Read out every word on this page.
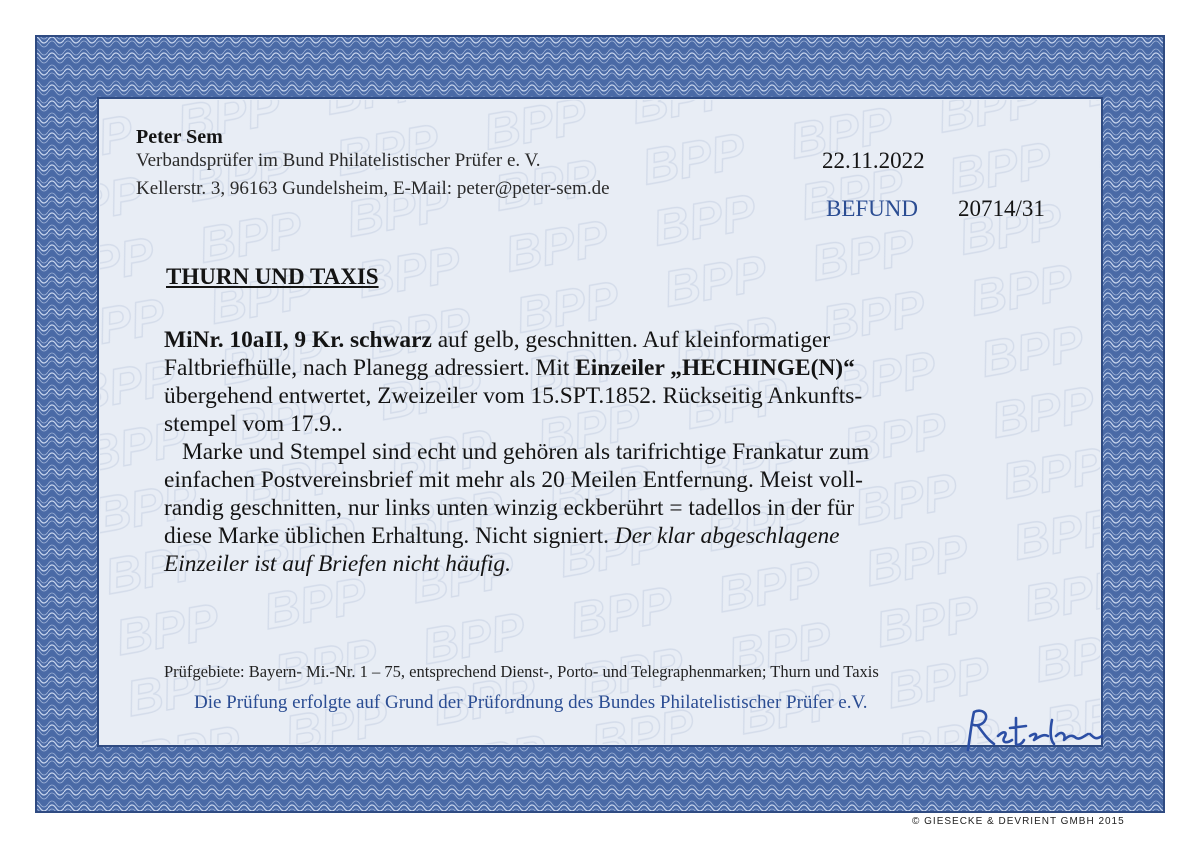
Peter Sem
Verbandsprüfer im Bund Philatelistischer Prüfer e. V.
Kellerstr. 3, 96163 Gundelsheim, E-Mail: peter@peter-sem.de
22.11.2022
BEFUND 20714/31
THURN UND TAXIS

MiNr. 10aII, 9 Kr. schwarz auf gelb, geschnitten. Auf kleinformatiger

Faltbriefhülle, nach Planegg adressiert. Mit Einzeiler „HECHINGE(N)“

übergehend entwertet, Zweizeiler vom 15.SPT.1852. Rückseitig Ankunfts-

stempel vom 17.9..

Marke und Stempel sind echt und gehören als tarifrichtige Frankatur zum

einfachen Postvereinsbrief mit mehr als 20 Meilen Entfernung. Meist voll-

randig geschnitten, nur links unten winzig eckberührt = tadellos in der für

diese Marke üblichen Erhaltung. Nicht signiert. Der klar abgeschlagene

Einzeiler ist auf Briefen nicht häufig.

Prüfgebiete: Bayern- Mi.-Nr. 1 – 75, entsprechend Dienst-, Porto- und Telegraphenmarken; Thurn und Taxis
Die Prüfung erfolgte auf Grund der Prüfordnung des Bundes Philatelistischer Prüfer e.V.
© GIESECKE & DEVRIENT GMBH 2015
